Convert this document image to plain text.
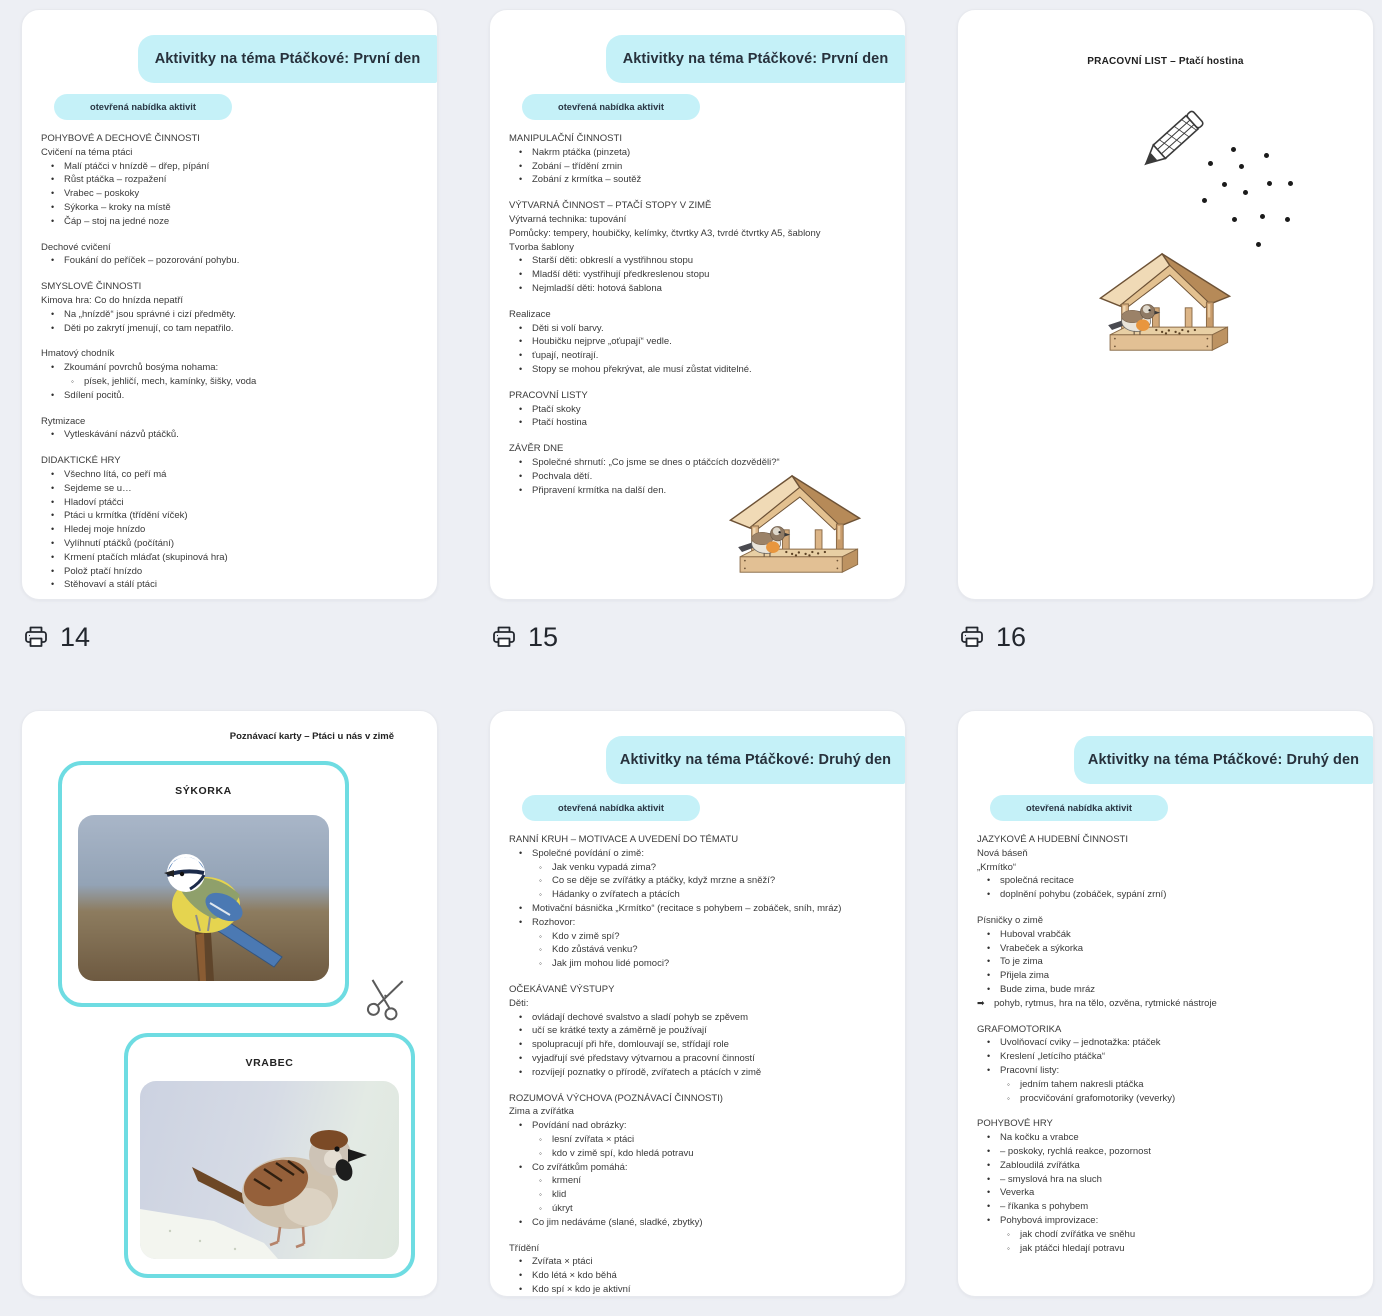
Aktivitky na téma Ptáčkové: První den
otevřená nabídka aktivit
POHYBOVÉ A DECHOVÉ ČINNOSTI
Cvičení na téma ptáci
•	Malí ptáčci v hnízdě – dřep, pípání
•	Růst ptáčka – rozpažení
•	Vrabec – poskoky
•	Sýkorka – kroky na místě
•	Čáp – stoj na jedné noze
Dechové cvičení
•	Foukání do peříček – pozorování pohybu.
SMYSLOVÉ ČINNOSTI
Kimova hra: Co do hnízda nepatří
•	Na „hnízdě“ jsou správné i cizí předměty.
•	Děti po zakrytí jmenují, co tam nepatřilo.
Hmatový chodník
•	Zkoumání povrchů bosýma nohama:
◦	písek, jehličí, mech, kamínky, šišky, voda
•	Sdílení pocitů.
Rytmizace
•	Vytleskávání názvů ptáčků.
DIDAKTICKÉ HRY
•	Všechno lítá, co peří má
•	Sejdeme se u…
•	Hladoví ptáčci
•	Ptáci u krmítka (třídění víček)
•	Hledej moje hnízdo
•	Vylíhnutí ptáčků (počítání)
•	Krmení ptačích mláďat (skupinová hra)
•	Polož ptačí hnízdo
•	Stěhovaví a stálí ptáci
Aktivitky na téma Ptáčkové: První den
otevřená nabídka aktivit
MANIPULAČNÍ ČINNOSTI
•	Nakrm ptáčka (pinzeta)
•	Zobání – třídění zrnin
•	Zobání z krmítka – soutěž
VÝTVARNÁ ČINNOST – PTAČÍ STOPY V ZIMĚ
Výtvarná technika: tupování
Pomůcky: tempery, houbičky, kelímky, čtvrtky A3, tvrdé čtvrtky A5, šablony
Tvorba šablony
•	Starší děti: obkreslí a vystřihnou stopu
•	Mladší děti: vystřihují předkreslenou stopu
•	Nejmladší děti: hotová šablona
Realizace
•	Děti si volí barvy.
•	Houbičku nejprve „oťupají“ vedle.
•	ťupají, neotírají.
•	Stopy se mohou překrývat, ale musí zůstat viditelné.
PRACOVNÍ LISTY
•	Ptačí skoky
•	Ptačí hostina
ZÁVĚR DNE
•	Společné shrnutí: „Co jsme se dnes o ptáčcích dozvěděli?“
•	Pochvala dětí.
•	Připravení krmítka na další den.
PRACOVNÍ LIST – Ptačí hostina
14	15	16
Poznávací karty – Ptáci u nás v zimě
SÝKORKA
VRABEC
Aktivitky na téma Ptáčkové: Druhý den
otevřená nabídka aktivit
RANNÍ KRUH – MOTIVACE A UVEDENÍ DO TÉMATU
•	Společné povídání o zimě:
◦	Jak venku vypadá zima?
◦	Co se děje se zvířátky a ptáčky, když mrzne a sněží?
◦	Hádanky o zvířatech a ptácích
•	Motivační básnička „Krmítko“ (recitace s pohybem – zobáček, sníh, mráz)
•	Rozhovor:
◦	Kdo v zimě spí?
◦	Kdo zůstává venku?
◦	Jak jim mohou lidé pomoci?
OČEKÁVANÉ VÝSTUPY
Děti:
•	ovládají dechové svalstvo a sladí pohyb se zpěvem
•	učí se krátké texty a záměrně je používají
•	spolupracují při hře, domlouvají se, střídají role
•	vyjadřují své představy výtvarnou a pracovní činností
•	rozvíjejí poznatky o přírodě, zvířatech a ptácích v zimě
ROZUMOVÁ VÝCHOVA (POZNÁVACÍ ČINNOSTI)
Zima a zvířátka
•	Povídání nad obrázky:
◦	lesní zvířata × ptáci
◦	kdo v zimě spí, kdo hledá potravu
•	Co zvířátkům pomáhá:
◦	krmení
◦	klid
◦	úkryt
•	Co jim nedáváme (slané, sladké, zbytky)
Třídění
•	Zvířata × ptáci
•	Kdo létá × kdo běhá
•	Kdo spí × kdo je aktivní
Aktivitky na téma Ptáčkové: Druhý den
otevřená nabídka aktivit
JAZYKOVÉ A HUDEBNÍ ČINNOSTI
Nová báseň
„Krmítko“
•	společná recitace
•	doplnění pohybu (zobáček, sypání zrní)
Písničky o zimě
•	Huboval vrabčák
•	Vrabeček a sýkorka
•	To je zima
•	Přijela zima
•	Bude zima, bude mráz
➡ pohyb, rytmus, hra na tělo, ozvěna, rytmické nástroje
GRAFOMOTORIKA
•	Uvolňovací cviky – jednotažka: ptáček
•	Kreslení „letícího ptáčka“
•	Pracovní listy:
◦	jedním tahem nakresli ptáčka
◦	procvičování grafomotoriky (veverky)
POHYBOVÉ HRY
•	Na kočku a vrabce
•	– poskoky, rychlá reakce, pozornost
•	Zabloudilá zvířátka
•	– smyslová hra na sluch
•	Veverka
•	– říkanka s pohybem
•	Pohybová improvizace:
◦	jak chodí zvířátka ve sněhu
◦	jak ptáčci hledají potravu
